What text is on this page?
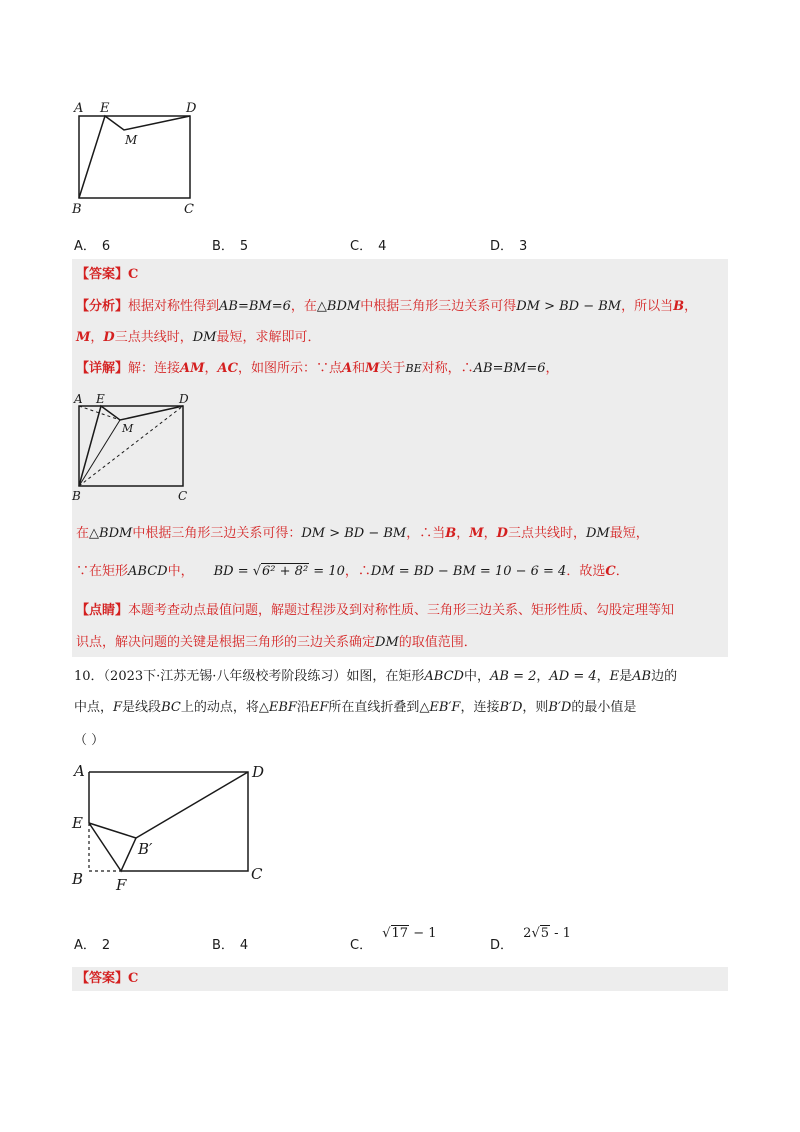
A E	D
M
B	C
A． 6	B． 5	C． 4	D． 3
【答案】C
【分析】根据对称性得到AB=BM=6，在△BDM中根据三角形三边关系可得DM > BD − BM，所以当B，
M，D三点共线时，DM最短，求解即可．
【详解】解：连接AM，AC，如图所示：∵点A和M关于BE对称，∴AB=BM=6，
A E	D
M
B	C
在△BDM中根据三角形三边关系可得：DM > BD − BM，∴当B，M，D三点共线时，DM最短，
∵在矩形ABCD中， BD = √6² + 8² = 10，∴DM = BD − BM = 10 − 6 = 4．故选C．
【点睛】本题考查动点最值问题，解题过程涉及到对称性质、三角形三边关系、矩形性质、勾股定理等知
识点，解决问题的关键是根据三角形的三边关系确定DM的取值范围．
10．（2023下·江苏无锡·八年级校考阶段练习）如图，在矩形ABCD中，AB = 2，AD = 4，E是AB边的
中点，F是线段BC上的动点，将△EBF沿EF所在直线折叠到△EB′F，连接B′D，则B′D的最小值是
（ ）
A	D
E
B′
B F
C
A． 2	B． 4	C． √17 − 1
D． 2√5 - 1
【答案】C
